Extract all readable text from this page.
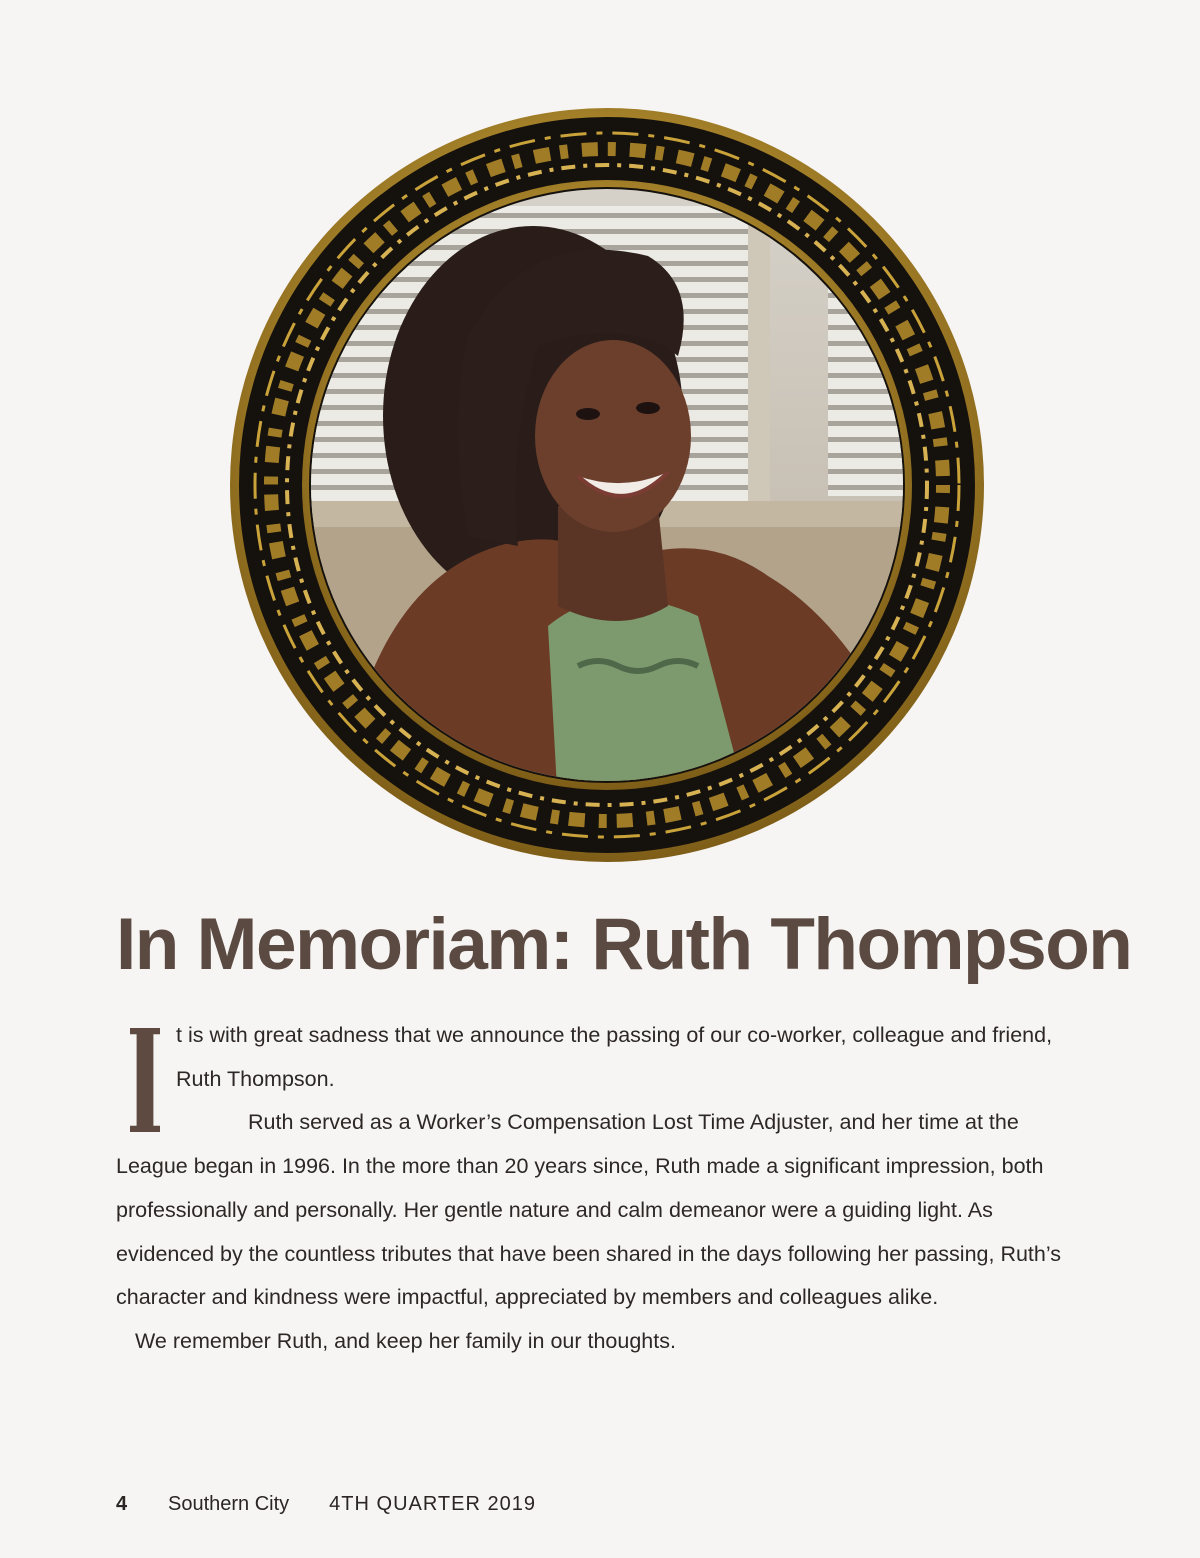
In Memoriam: Ruth Thompson

t is with great sadness that we announce the passing of our co-worker, colleague and friend, Ruth Thompson.

Ruth served as a Worker’s Compensation Lost Time Adjuster, and her time at the League began in 1996. In the more than 20 years since, Ruth made a significant impression, both professionally and personally. Her gentle nature and calm demeanor were a guiding light. As evidenced by the countless tributes that have been shared in the days following her passing, Ruth’s character and kindness were impactful, appreciated by members and colleagues alike.

We remember Ruth, and keep her family in our thoughts.

4	Southern City 4TH QUARTER 2019
